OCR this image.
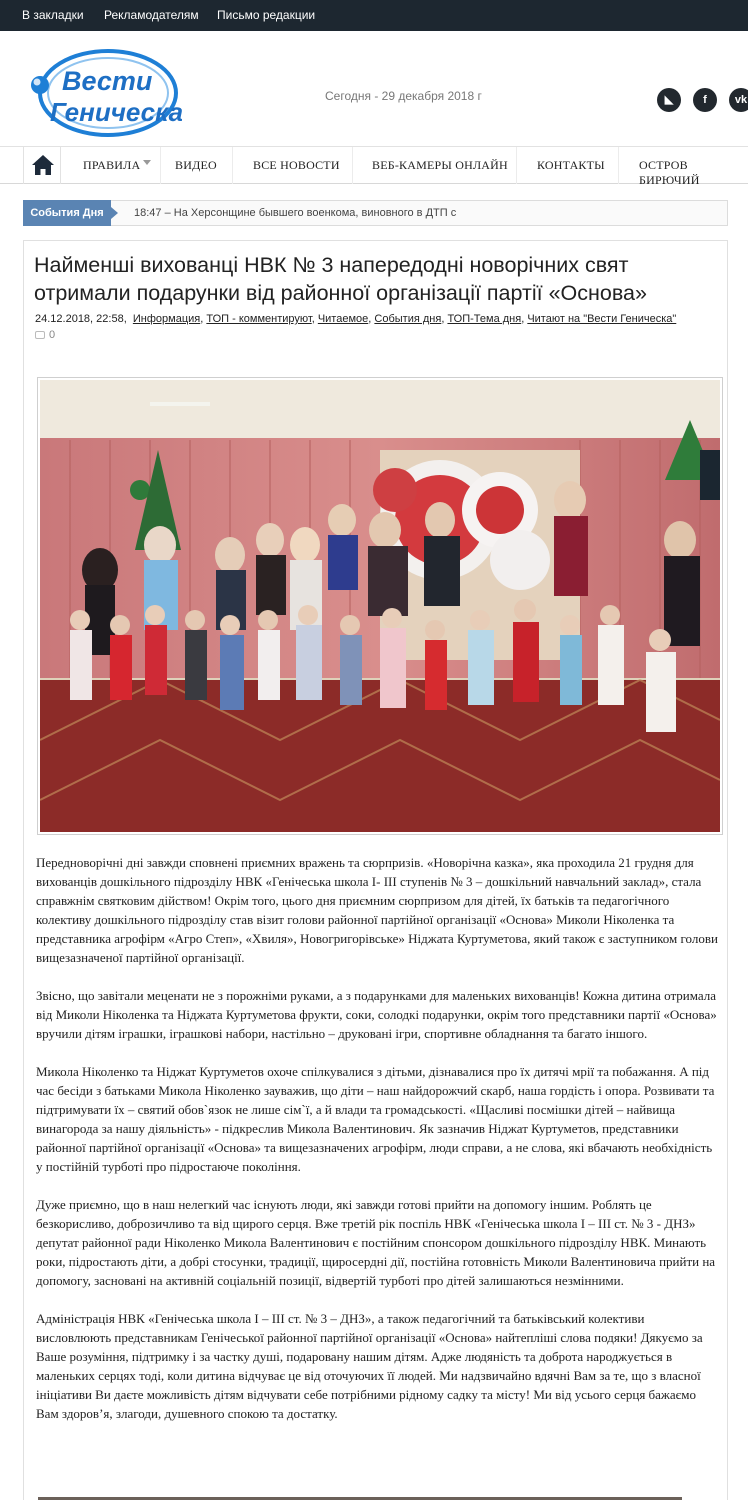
В закладки Рекламодателям Письмо редакции
Вести
Геническа
Сегодня - 29 декабря 2018 г	◣	f	vk
ПРАВИЛА	ВИДЕО	ВСЕ НОВОСТИ	ВЕБ-КАМЕРЫ ОНЛАЙН КОНТАКТЫ	ОСТРОВ БИРЮЧИЙ
События Дня	18:47 – На Херсонщине бывшего военкома, виновного в ДТП с
Найменші вихованці НВК № 3 напередодні новорічних свят отримали подарунки від районної організації партії «Основа»
24.12.2018, 22:58, Информация, ТОП - комментируют, Читаемое, События дня, ТОП-Тема дня, Читают на "Вести Геническа"
0

Передноворічні дні завжди сповнені приємних вражень та сюрпризів. «Новорічна казка», яка проходила 21 грудня для вихованців дошкільного підрозділу НВК «Генічеська школа І- ІІІ ступенів № 3 – дошкільний навчальний заклад», стала справжнім святковим дійством! Окрім того, цього дня приємним сюрпризом для дітей, їх батьків та педагогічного колективу дошкільного підрозділу став візит голови районної партійної організації «Основа» Миколи Ніколенка та представника агрофірм «Агро Степ», «Хвиля», Новогригорівське» Ніджата Куртуметова, який також є заступником голови вищезазначеної партійної організації.

Звісно, що завітали меценати не з порожніми руками, а з подарунками для маленьких вихованців! Кожна дитина отримала від Миколи Ніколенка та Ніджата Куртуметова фрукти, соки, солодкі подарунки, окрім того представники партії «Основа» вручили дітям іграшки, іграшкові набори, настільно – друковані ігри, спортивне обладнання та багато іншого.

Микола Ніколенко та Ніджат Куртуметов охоче спілкувалися з дітьми, дізнавалися про їх дитячі мрії та побажання. А під час бесіди з батьками Микола Ніколенко зауважив, що діти – наш найдорожчий скарб, наша гордість і опора. Розвивати та підтримувати їх – святий обов`язок не лише сім`ї, а й влади та громадськості. «Щасливі посмішки дітей – найвища винагорода за нашу діяльність» - підкреслив Микола Валентинович. Як зазначив Ніджат Куртуметов, представники районної партійної організації «Основа» та вищезазначених агрофірм, люди справи, а не слова, які вбачають необхідність у постійній турботі про підростаюче покоління.

Дуже приємно, що в наш нелегкий час існують люди, які завжди готові прийти на допомогу іншим. Роблять це безкорисливо, доброзичливо та від щирого серця. Вже третій рік поспіль НВК «Генічеська школа І – ІІІ ст. № 3 - ДНЗ» депутат районної ради Ніколенко Микола Валентинович є постійним спонсором дошкільного підрозділу НВК. Минають роки, підростають діти, а добрі стосунки, традиції, щиросердні дії, постійна готовність Миколи Валентиновича прийти на допомогу, засновані на активній соціальній позиції, відвертій турботі про дітей залишаються незмінними.

Адміністрація НВК «Генічеська школа І – ІІІ ст. № 3 – ДНЗ», а також педагогічний та батьківський колективи висловлюють представникам Генічеської районної партійної організації «Основа» найтепліші слова подяки! Дякуємо за Ваше розуміння, підтримку і за частку душі, подаровану нашим дітям. Адже людяність та доброта народжується в маленьких серцях тоді, коли дитина відчуває це від оточуючих її людей. Ми надзвичайно вдячні Вам за те, що з власної ініціативи Ви даєте можливість дітям відчувати себе потрібними рідному садку та місту! Ми від усього серця бажаємо Вам здоров’я, злагоди, душевного спокою та достатку.
